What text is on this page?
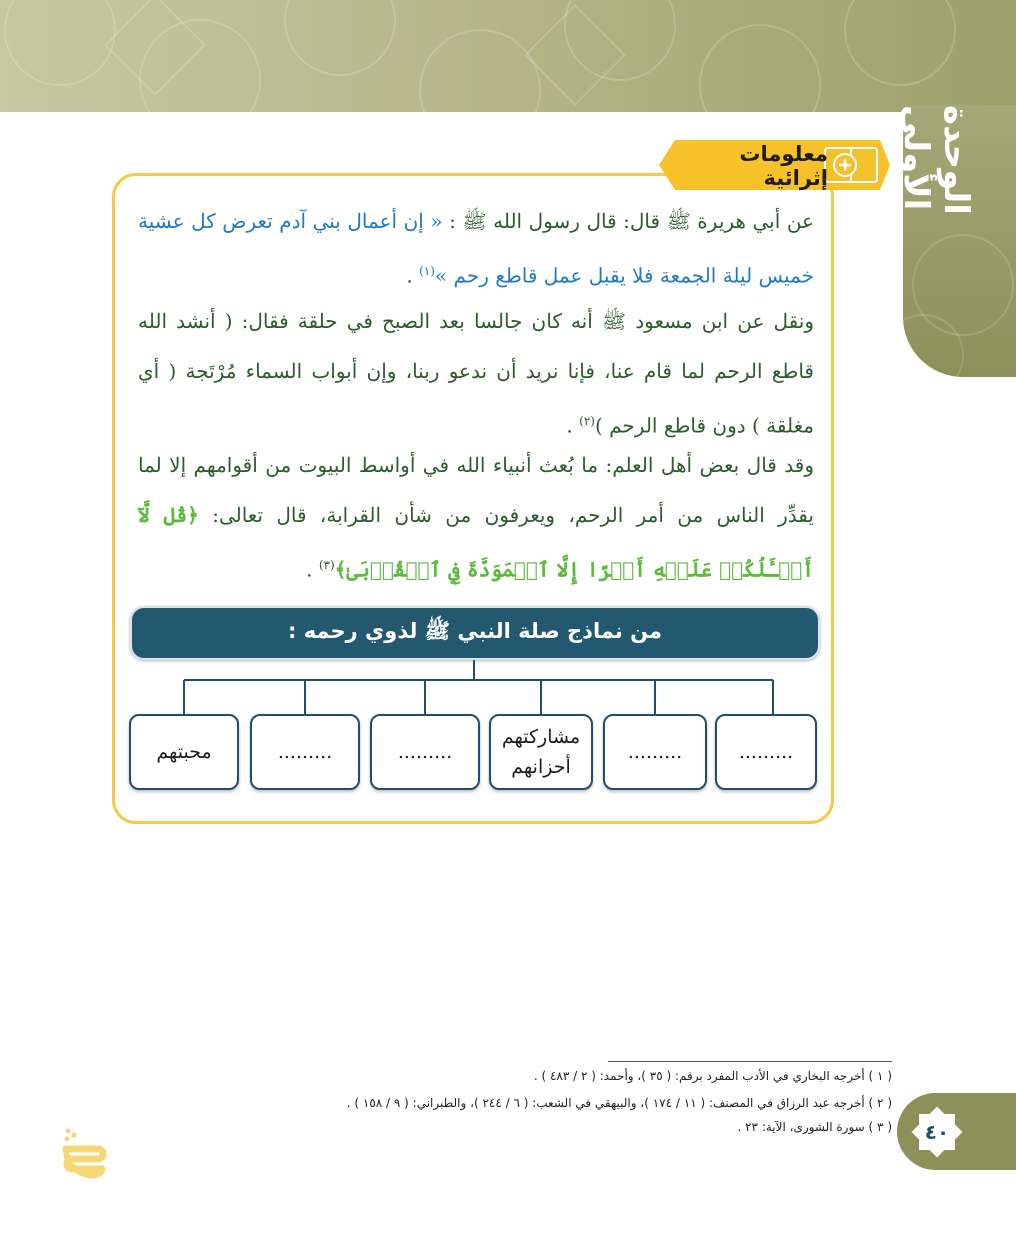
الوحدة الأولى
معلومات إثرائية
عن أبي هريرة ﷺ قال: قال رسول الله ﷺ : « إن أعمال بني آدم تعرض كل عشية خميس ليلة الجمعة فلا يقبل عمل قاطع رحم »$^{(١)}$ .
ونقل عن ابن مسعود ﷺ أنه كان جالسا بعد الصبح في حلقة فقال: ( أنشد الله قاطع الرحم لما قام عنا، فإنا نريد أن ندعو ربنا، وإن أبواب السماء مُرْتَجة ( أي مغلقة ) دون قاطع الرحم )$^{(٢)}$ .
وقد قال بعض أهل العلم: ما بُعث أنبياء الله في أواسط البيوت من أقوامهم إلا لما يقدِّر الناس من أمر الرحم، ويعرفون من شأن القرابة، قال تعالى: ﴿قُل لَّآ أَسۡـَٔلُكُمۡ عَلَيۡهِ أَجۡرًا إِلَّا ٱلۡمَوَدَّةَ فِي ٱلۡقُرۡبَىٰ﴾$^{(٣)}$ .
من نماذج صلة النبي ﷺ لذوي رحمه :
محبتهم	.........	.........
مشاركتهم أحزانهم
.........	.........
( ١ ) أخرجه البخاري في الأدب المفرد برقم: ( ٣٥ )، وأحمد: ( ٢ / ٤٨٣ ) .
( ٢ ) أخرجه عبد الرزاق في المصنف: ( ١١ / ١٧٤ )، والبيهقي في الشعب: ( ٦ / ٢٤٤ )، والطبراني: ( ٩ / ١٥٨ ) .
( ٣ ) سورة الشورى، الآية: ٢٣ .	٤٠
